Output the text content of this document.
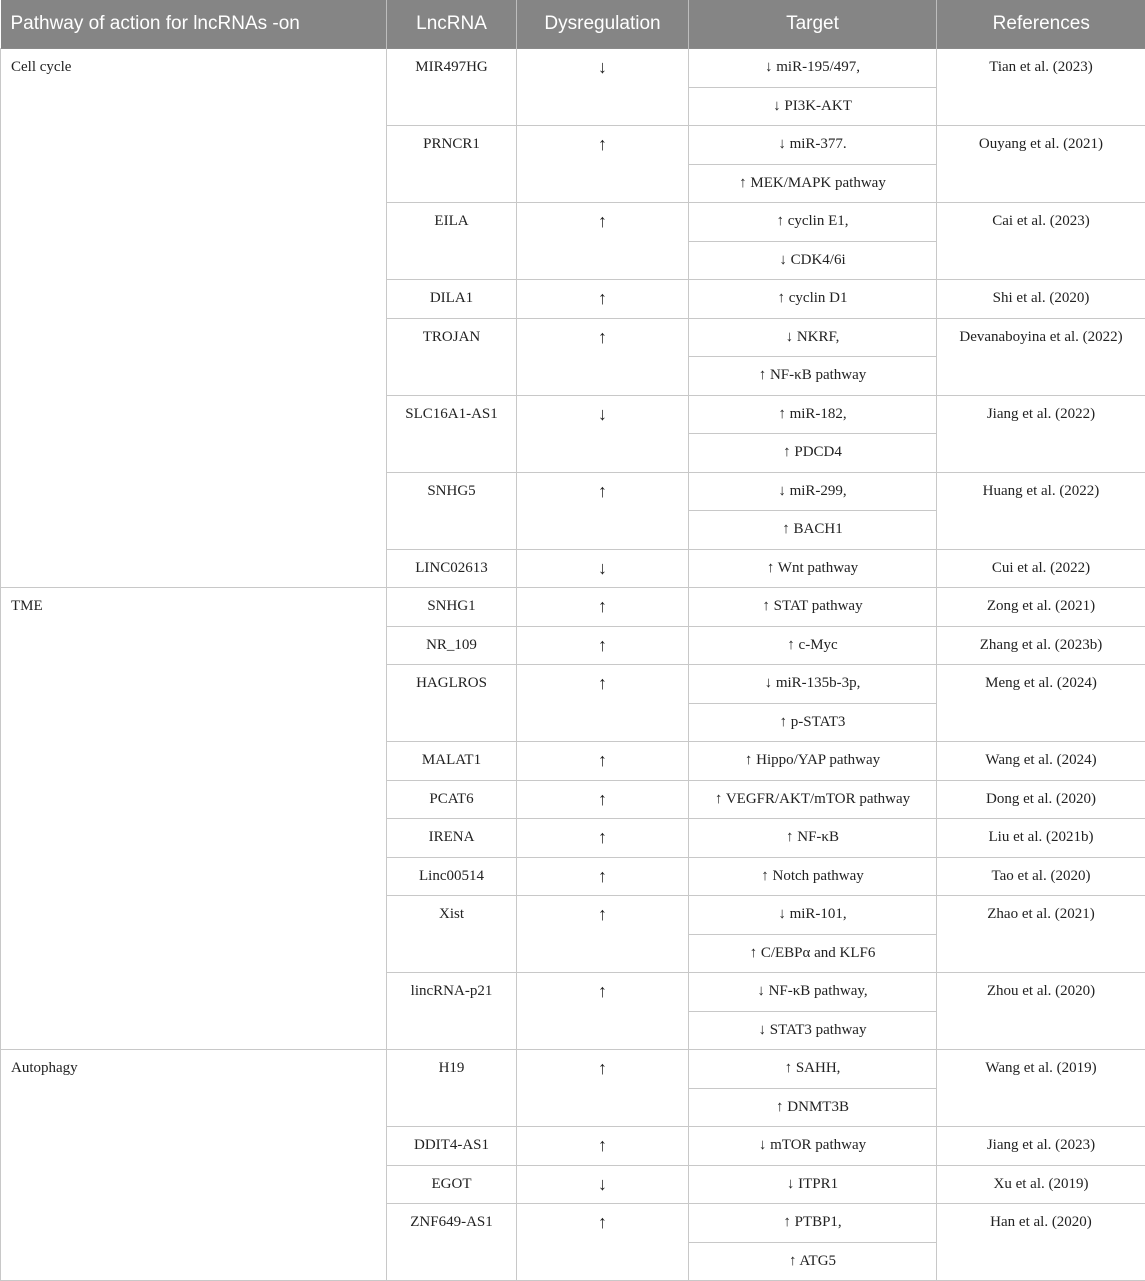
Pathway of action for lncRNAs -on	LncRNA	Dysregulation	Target	References
Cell cycle	MIR497HG	↓	↓ miR-195/497,	Tian et al. (2023)
			↓ PI3K-AKT	
	PRNCR1	↑	↓ miR-377.	Ouyang et al. (2021)
			↑ MEK/MAPK pathway	
	EILA	↑	↑ cyclin E1,	Cai et al. (2023)
			↓ CDK4/6i	
	DILA1	↑	↑ cyclin D1	Shi et al. (2020)
	TROJAN	↑	↓ NKRF,	Devanaboyina et al. (2022)
			↑ NF-κB pathway	
	SLC16A1-AS1	↓	↑ miR-182,	Jiang et al. (2022)
			↑ PDCD4	
	SNHG5	↑	↓ miR-299,	Huang et al. (2022)
			↑ BACH1	
	LINC02613	↓	↑ Wnt pathway	Cui et al. (2022)
TME	SNHG1	↑	↑ STAT pathway	Zong et al. (2021)
	NR_109	↑	↑ c-Myc	Zhang et al. (2023b)
	HAGLROS	↑	↓ miR-135b-3p,	Meng et al. (2024)
			↑ p-STAT3	
	MALAT1	↑	↑ Hippo/YAP pathway	Wang et al. (2024)
	PCAT6	↑	↑ VEGFR/AKT/mTOR pathway	Dong et al. (2020)
	IRENA	↑	↑ NF-κB	Liu et al. (2021b)
	Linc00514	↑	↑ Notch pathway	Tao et al. (2020)
	Xist	↑	↓ miR-101,	Zhao et al. (2021)
			↑ C/EBPα and KLF6	
	lincRNA-p21	↑	↓ NF-κB pathway,	Zhou et al. (2020)
			↓ STAT3 pathway	
Autophagy	H19	↑	↑ SAHH,	Wang et al. (2019)
			↑ DNMT3B	
	DDIT4-AS1	↑	↓ mTOR pathway	Jiang et al. (2023)
	EGOT	↓	↓ ITPR1	Xu et al. (2019)
	ZNF649-AS1	↑	↑ PTBP1,	Han et al. (2020)
			↑ ATG5	
